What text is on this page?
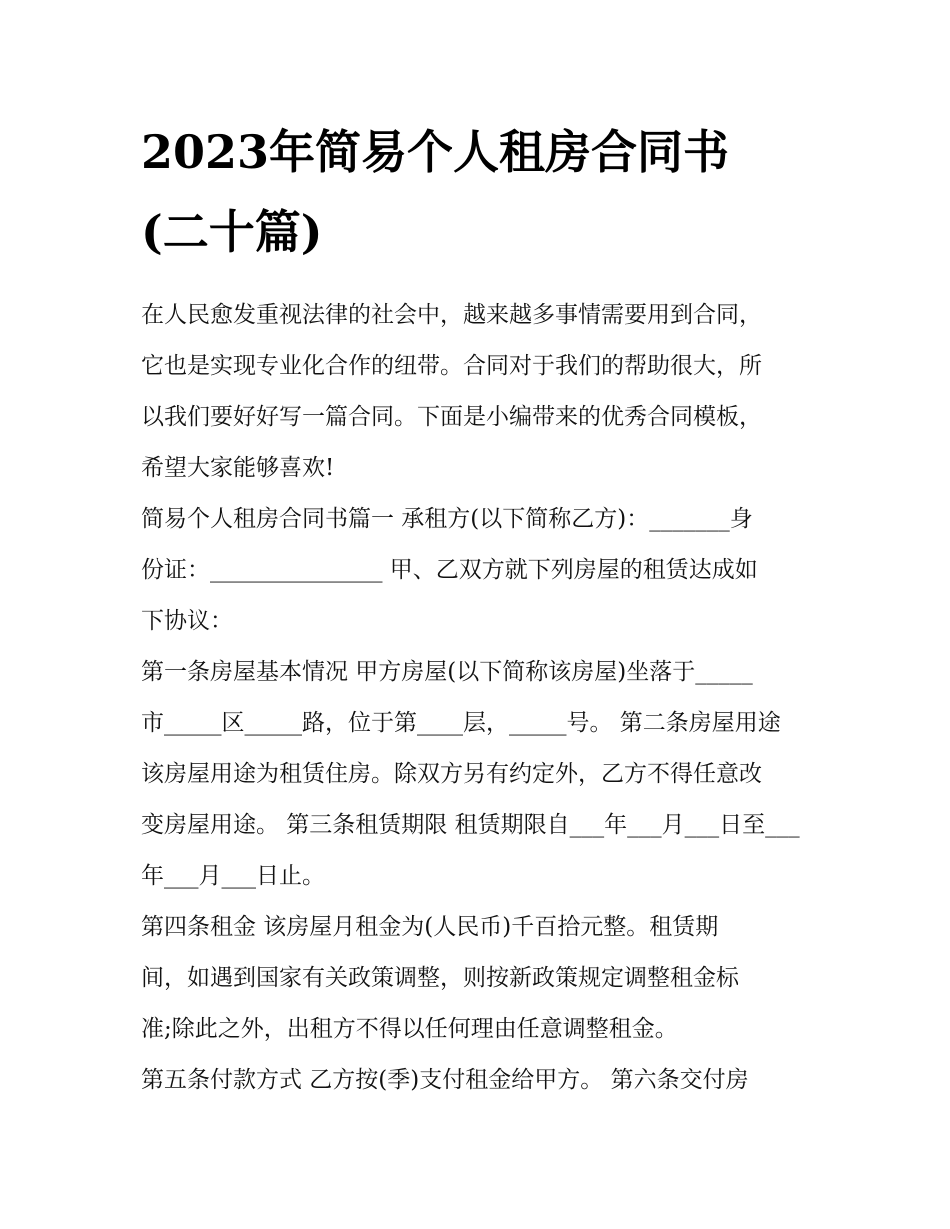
2023年简易个人租房合同书
(二十篇)

在人民愈发重视法律的社会中，越来越多事情需要用到合同，
它也是实现专业化合作的纽带。合同对于我们的帮助很大，所
以我们要好好写一篇合同。下面是小编带来的优秀合同模板，
希望大家能够喜欢!

简易个人租房合同书篇一 承租方(以下简称乙方)：_______身
份证：_______________ 甲、乙双方就下列房屋的租赁达成如
下协议：

第一条房屋基本情况 甲方房屋(以下简称该房屋)坐落于_____
市_____区_____路，位于第____层，_____号。 第二条房屋用途
该房屋用途为租赁住房。除双方另有约定外，乙方不得任意改
变房屋用途。 第三条租赁期限 租赁期限自___年___月___日至___
年___月___日止。

第四条租金 该房屋月租金为(人民币)千百拾元整。租赁期
间，如遇到国家有关政策调整，则按新政策规定调整租金标
准;除此之外，出租方不得以任何理由任意调整租金。

第五条付款方式 乙方按(季)支付租金给甲方。 第六条交付房
